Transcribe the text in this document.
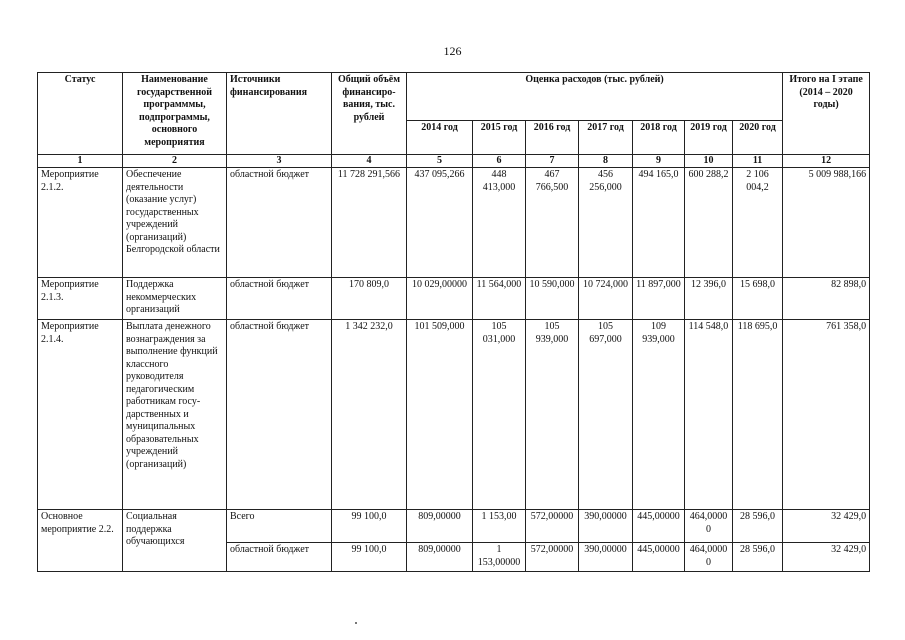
126
Статус	Наименование государственной программмы, подпрограммы, основного мероприятия	Источники финансирования	Общий объём финансиро-вания, тыс. рублей	Оценка расходов (тыс. рублей)							Итого на I этапе (2014 – 2020 годы)
				2014 год	2015 год	2016 год	2017 год	2018 год	2019 год	2020 год	
1	2	3	4	5	6	7	8	9	10	11	12
Мероприятие 2.1.2.	Обеспечение деятельности (оказание услуг) государственных учреждений (организаций) Белгородской области	областной бюджет	11 728 291,566	437 095,266	448 413,000	467 766,500	456 256,000	494 165,0	600 288,2	2 106 004,2	5 009 988,166
Мероприятие 2.1.3.	Поддержка некоммерческих организаций	областной бюджет	170 809,0	10 029,00000	11 564,000	10 590,000	10 724,000	11 897,000	12 396,0	15 698,0	82 898,0
Мероприятие 2.1.4.	Выплата денежного вознаграждения за выполнение функций классного руководителя педагогическим работникам госу-дарственных и муниципальных образовательных учреждений (организаций)	областной бюджет	1 342 232,0	101 509,000	105 031,000	105 939,000	105 697,000	109 939,000	114 548,0	118 695,0	761 358,0
Основное мероприятие 2.2.	Социальная поддержка обучающихся	Всего	99 100,0	809,00000	1 153,00	572,00000	390,00000	445,00000	464,00000	28 596,0	32 429,0
		областной бюджет	99 100,0	809,00000	1 153,00000	572,00000	390,00000	445,00000	464,00000	28 596,0	32 429,0
